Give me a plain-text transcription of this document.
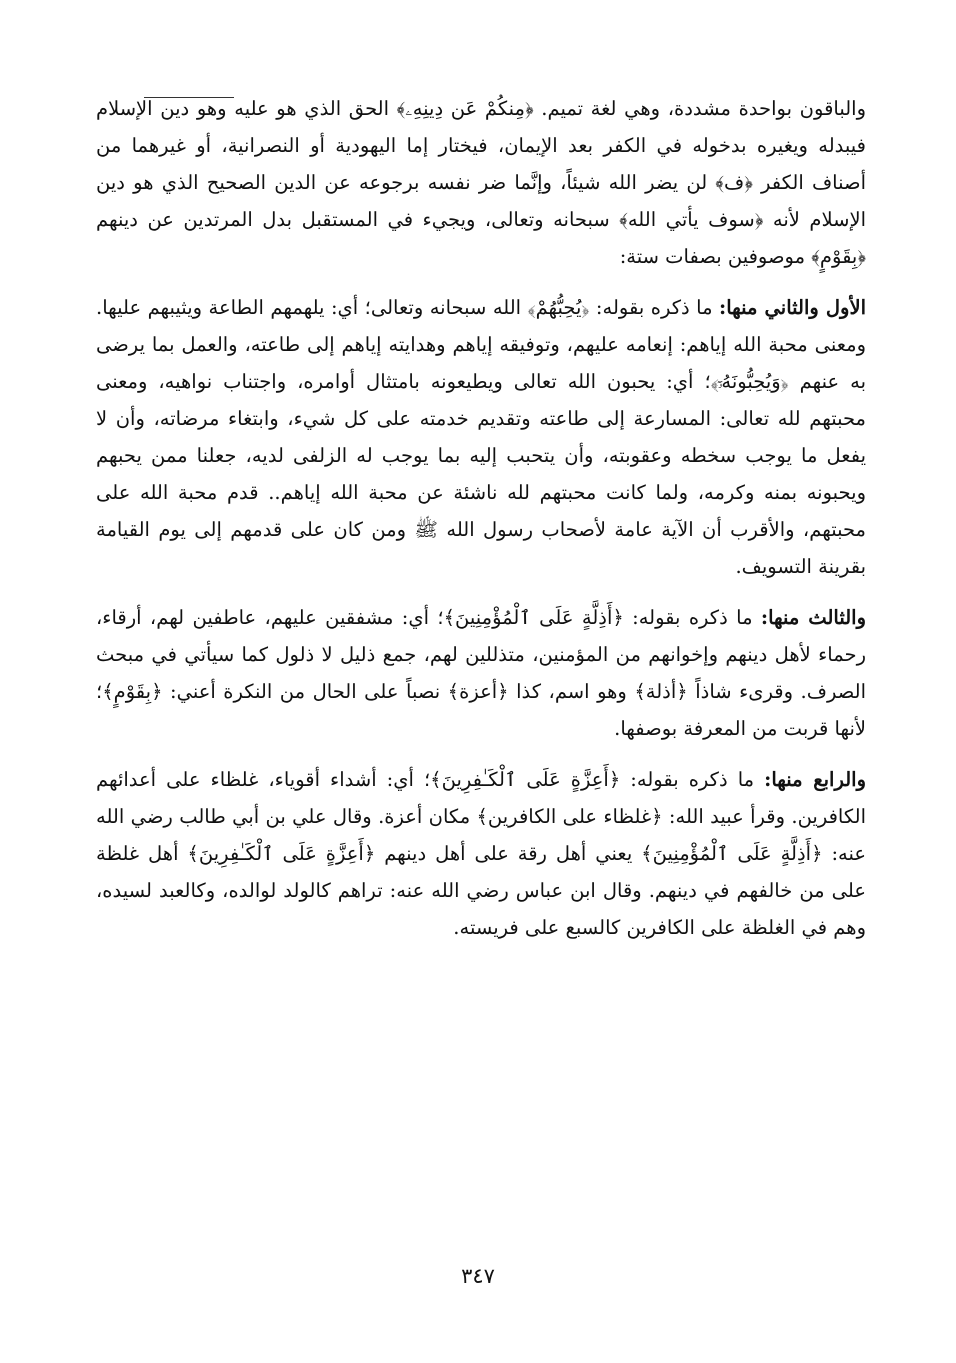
والباقون بواحدة مشددة، وهي لغة تميم. ﴿مِنكُمْ عَن دِينِهِۦ﴾ الحق الذي هو عليه وهو دين الإسلام فيبدله ويغيره بدخوله في الكفر بعد الإيمان، فيختار إما اليهودية أو النصرانية، أو غيرهما من أصناف الكفر ﴿ف﴾ لن يضر الله شيئاً، وإنَّما ضر نفسه برجوعه عن الدين الصحيح الذي هو دين الإسلام لأنه ﴿سوف يأتي الله﴾ سبحانه وتعالى، ويجيء في المستقبل بدل المرتدين عن دينهم ﴿بِقَوْمٍ﴾ موصوفين بصفات ستة:

الأول والثاني منها: ما ذكره بقوله: ﴿يُحِبُّهُمْ﴾ الله سبحانه وتعالى؛ أي: يلهمهم الطاعة ويثيبهم عليها. ومعنى محبة الله إياهم: إنعامه عليهم، وتوفيقه إياهم وهدايته إياهم إلى طاعته، والعمل بما يرضى به عنهم ﴿وَيُحِبُّونَهُۥٓ﴾؛ أي: يحبون الله تعالى ويطيعونه بامتثال أوامره، واجتناب نواهيه، ومعنى محبتهم لله تعالى: المسارعة إلى طاعته وتقديم خدمته على كل شيء، وابتغاء مرضاته، وأن لا يفعل ما يوجب سخطه وعقوبته، وأن يتحبب إليه بما يوجب له الزلفى لديه، جعلنا ممن يحبهم ويحبونه بمنه وكرمه، ولما كانت محبتهم لله ناشئة عن محبة الله إياهم.. قدم محبة الله على محبتهم، والأقرب أن الآية عامة لأصحاب رسول الله ﷺ ومن كان على قدمهم إلى يوم القيامة بقرينة التسويف.

والثالث منها: ما ذكره بقوله: ﴿أَذِلَّةٍ عَلَى ٱلْمُؤْمِنِينَ﴾؛ أي: مشفقين عليهم، عاطفين لهم، أرقاء، رحماء لأهل دينهم وإخوانهم من المؤمنين، متذللين لهم، جمع ذليل لا ذلول كما سيأتي في مبحث الصرف. وقرىء شاذاً ﴿أذلة﴾ وهو اسم، كذا ﴿أعزة﴾ نصباً على الحال من النكرة أعني: ﴿بِقَوْمٍ﴾؛ لأنها قربت من المعرفة بوصفها.

والرابع منها: ما ذكره بقوله: ﴿أَعِزَّةٍ عَلَى ٱلْكَـٰفِرِينَ﴾؛ أي: أشداء أقوياء، غلظاء على أعدائهم الكافرين. وقرأ عبيد الله: ﴿غلظاء على الكافرين﴾ مكان أعزة. وقال علي بن أبي طالب رضي الله عنه: ﴿أَذِلَّةٍ عَلَى ٱلْمُؤْمِنِينَ﴾ يعني أهل رقة على أهل دينهم ﴿أَعِزَّةٍ عَلَى ٱلْكَـٰفِرِينَ﴾ أهل غلظة على من خالفهم في دينهم. وقال ابن عباس رضي الله عنه: تراهم كالولد لوالده، وكالعبد لسيده، وهم في الغلظة على الكافرين كالسبع على فريسته.

٣٤٧
